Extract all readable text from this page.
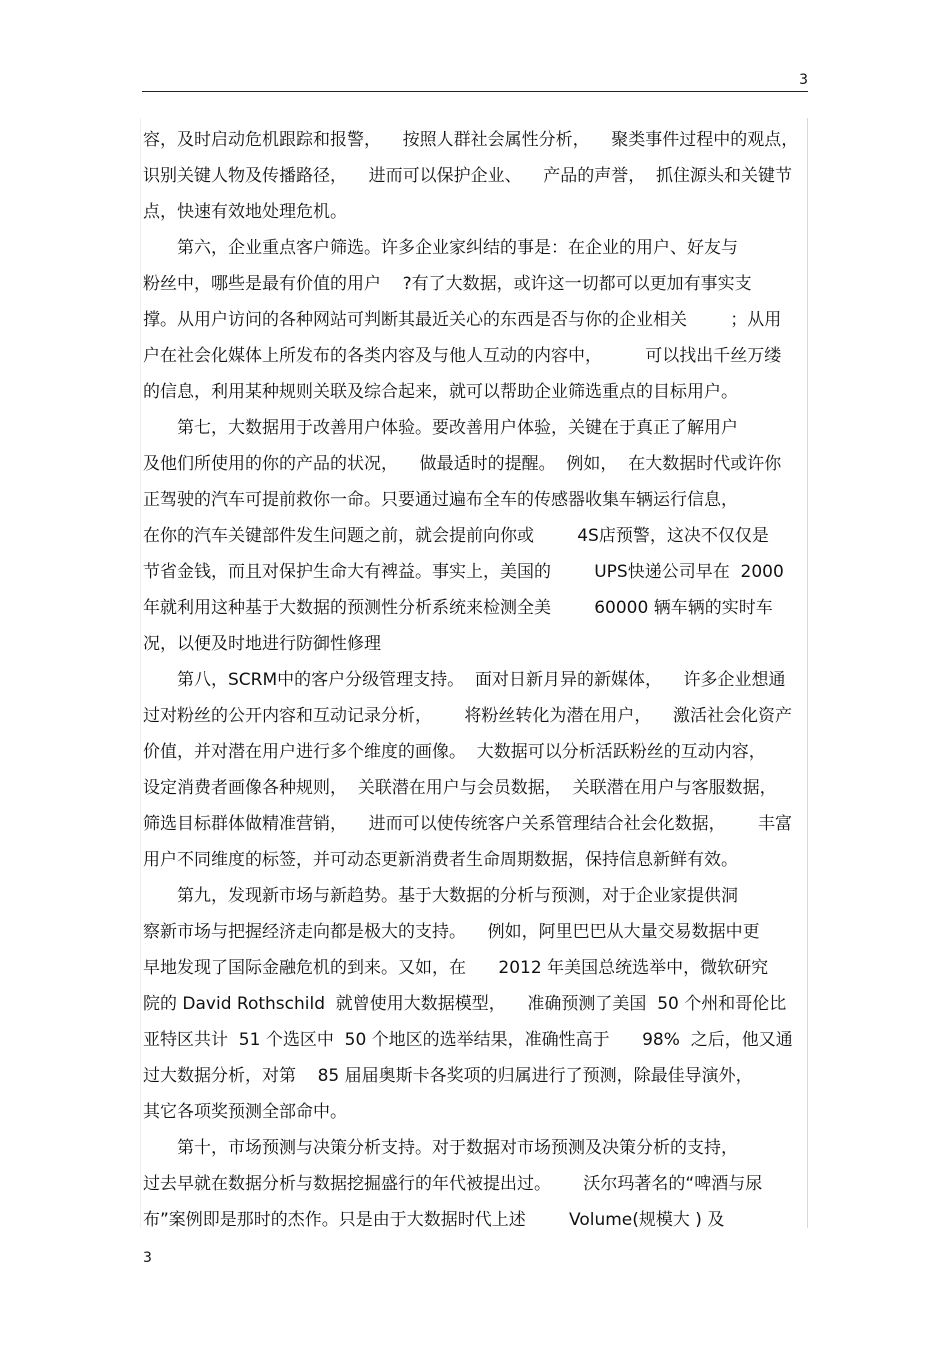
3
容，及时启动危机跟踪和报警，    按照人群社会属性分析，    聚类事件过程中的观点，
识别关键人物及传播路径，    进而可以保护企业、    产品的声誉，  抓住源头和关键节
点，快速有效地处理危机。
第六，企业重点客户筛选。许多企业家纠结的事是：在企业的用户、好友与
粉丝中，哪些是最有价值的用户    ?有了大数据，或许这一切都可以更加有事实支
撑。从用户访问的各种网站可判断其最近关心的东西是否与你的企业相关        ；从用
户在社会化媒体上所发布的各类内容及与他人互动的内容中，        可以找出千丝万缕
的信息，利用某种规则关联及综合起来，就可以帮助企业筛选重点的目标用户。
第七，大数据用于改善用户体验。要改善用户体验，关键在于真正了解用户
及他们所使用的你的产品的状况，    做最适时的提醒。  例如，  在大数据时代或许你
正驾驶的汽车可提前救你一命。只要通过遍布全车的传感器收集车辆运行信息，
在你的汽车关键部件发生问题之前，就会提前向你或        4S店预警，这决不仅仅是
节省金钱，而且对保护生命大有裨益。事实上，美国的        UPS快递公司早在  2000
年就利用这种基于大数据的预测性分析系统来检测全美        60000 辆车辆的实时车
况，以便及时地进行防御性修理
第八，SCRM中的客户分级管理支持。  面对日新月异的新媒体，    许多企业想通
过对粉丝的公开内容和互动记录分析，      将粉丝转化为潜在用户，    激活社会化资产
价值，并对潜在用户进行多个维度的画像。  大数据可以分析活跃粉丝的互动内容，
设定消费者画像各种规则，  关联潜在用户与会员数据，  关联潜在用户与客服数据，
筛选目标群体做精准营销，    进而可以使传统客户关系管理结合社会化数据，      丰富
用户不同维度的标签，并可动态更新消费者生命周期数据，保持信息新鲜有效。
第九，发现新市场与新趋势。基于大数据的分析与预测，对于企业家提供洞
察新市场与把握经济走向都是极大的支持。    例如，阿里巴巴从大量交易数据中更
早地发现了国际金融危机的到来。又如，在      2012 年美国总统选举中，微软研究
院的 David Rothschild  就曾使用大数据模型，    准确预测了美国  50 个州和哥伦比
亚特区共计  51 个选区中  50 个地区的选举结果，准确性高于      98%  之后，他又通
过大数据分析，对第    85 届届奥斯卡各奖项的归属进行了预测，除最佳导演外，
其它各项奖预测全部命中。
第十，市场预测与决策分析支持。对于数据对市场预测及决策分析的支持，
过去早就在数据分析与数据挖掘盛行的年代被提出过。      沃尔玛著名的“啤酒与尿
布”案例即是那时的杰作。只是由于大数据时代上述        Volume(规模大 ) 及
3
